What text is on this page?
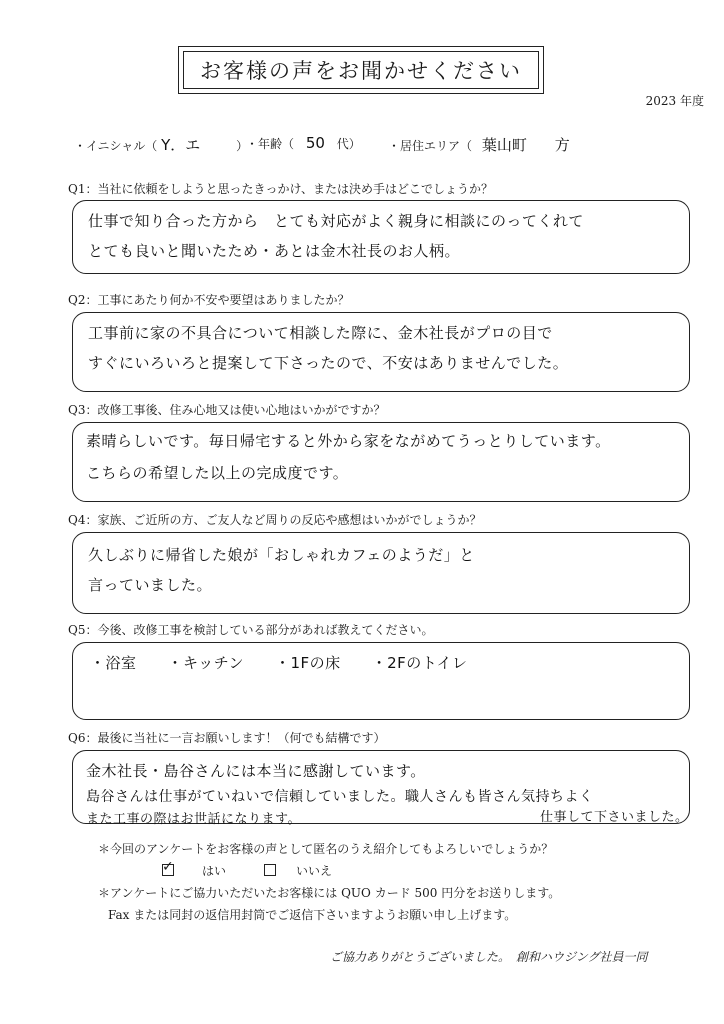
お客様の声をお聞かせください
2023 年度
・イニシャル（ Y．エ	）
・年齢（ 50 代） ・居住エリア（ 葉山町 方
Q1：当社に依頼をしようと思ったきっかけ、または決め手はどこでしょうか？
仕事で知り合った方から　とても対応がよく親身に相談にのってくれて
とても良いと聞いたため・あとは金木社長のお人柄。
Q2：工事にあたり何か不安や要望はありましたか？
工事前に家の不具合について相談した際に、金木社長がプロの目で
すぐにいろいろと提案して下さったので、不安はありませんでした。
Q3：改修工事後、住み心地又は使い心地はいかがですか？
素晴らしいです。毎日帰宅すると外から家をながめてうっとりしています。
こちらの希望した以上の完成度です。
Q4：家族、ご近所の方、ご友人など周りの反応や感想はいかがでしょうか？
久しぶりに帰省した娘が「おしゃれカフェのようだ」と
言っていました。
Q5：今後、改修工事を検討している部分があれば教えてください。
・浴室　　・キッチン　　・1Fの床　　・2Fのトイレ
Q6：最後に当社に一言お願いします！（何でも結構です）
金木社長・島谷さんには本当に感謝しています。
島谷さんは仕事がていねいで信頼していました。職人さんも皆さん気持ちよく
また工事の際はお世話になります。	仕事して下さいました。
＊今回のアンケートをお客様の声として匿名のうえ紹介してもよろしいでしょうか？
✓ はい	いいえ
＊アンケートにご協力いただいたお客様には QUO カード 500 円分をお送りします。
Fax または同封の返信用封筒でご返信下さいますようお願い申し上げます。
ご協力ありがとうございました。　創和ハウジング社員一同
